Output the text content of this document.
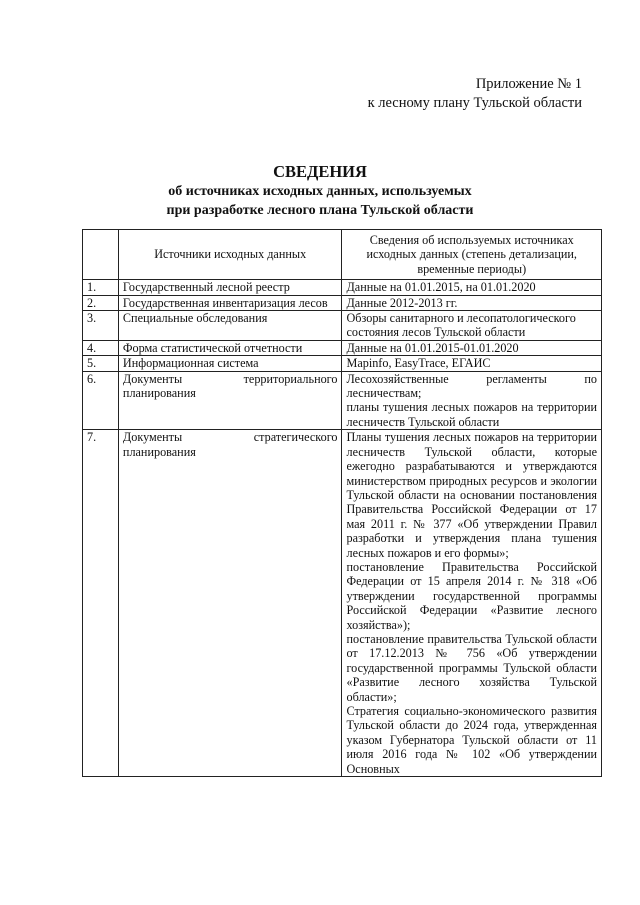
Приложение № 1
к лесному плану Тульской области
СВЕДЕНИЯ
об источниках исходных данных, используемых
при разработке лесного плана Тульской области
	Источники исходных данных	Сведения об используемых источниках исходных данных (степень детализации, временные периоды)
1.	Государственный лесной реестр	Данные на 01.01.2015, на 01.01.2020
2.	Государственная инвентаризация лесов	Данные 2012-2013 гг.
3.	Специальные обследования	Обзоры санитарного и лесопатологического состояния лесов Тульской области
4.	Форма статистической отчетности	Данные на 01.01.2015-01.01.2020
5.	Информационная система	Mapinfo, EasyTrace, ЕГАИС
6.	Документы территориального планирования	Лесохозяйственные регламенты по лесничествам;
планы тушения лесных пожаров на территории лесничеств Тульской области

7.	Документы стратегического планирования	Планы тушения лесных пожаров на территории лесничеств Тульской области, которые ежегодно разрабатываются и утверждаются министерством природных ресурсов и экологии Тульской области на основании постановления Правительства Российской Федерации от 17 мая 2011 г. № 377 «Об утверждении Правил разработки и утверждения плана тушения лесных пожаров и его формы»;
постановление Правительства Российской Федерации от 15 апреля 2014 г. № 318 «Об утверждении государственной программы Российской Федерации «Развитие лесного хозяйства»);
постановление правительства Тульской области от 17.12.2013 № 756 «Об утверждении государственной программы Тульской области «Развитие лесного хозяйства Тульской области»;
Стратегия социально-экономического развития Тульской области до 2024 года, утвержденная указом Губернатора Тульской области от 11 июля 2016 года № 102 «Об утверждении Основных
